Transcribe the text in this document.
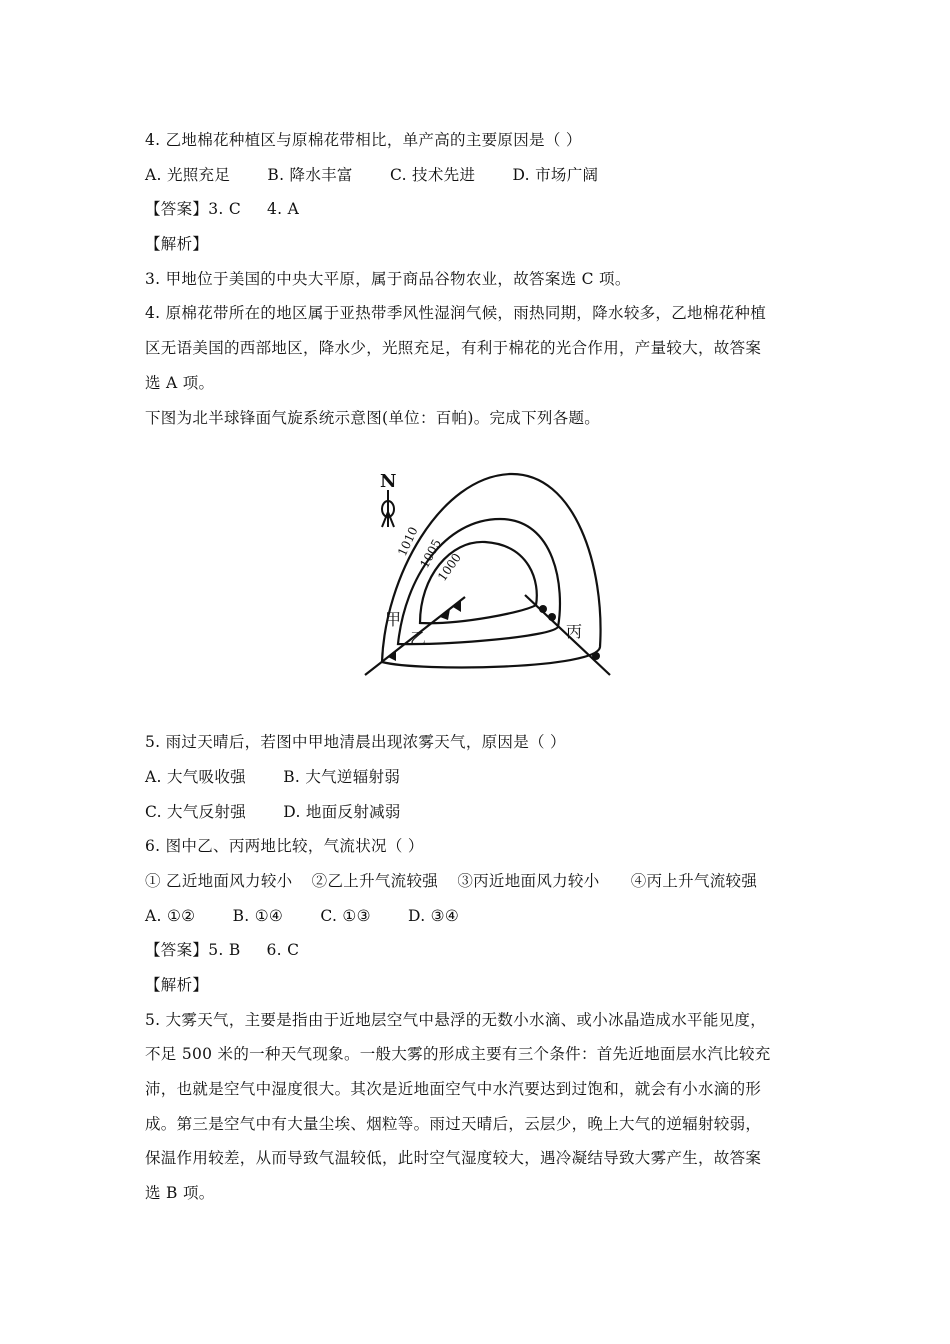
4. 乙地棉花种植区与原棉花带相比，单产高的主要原因是（ ）
A. 光照充足 B. 降水丰富 C. 技术先进 D. 市场广阔
【答案】3. C 4. A
【解析】
3. 甲地位于美国的中央大平原，属于商品谷物农业，故答案选 C 项。
4. 原棉花带所在的地区属于亚热带季风性湿润气候，雨热同期，降水较多，乙地棉花种植
区无语美国的西部地区，降水少，光照充足，有利于棉花的光合作用，产量较大，故答案
选 A 项。
下图为北半球锋面气旋系统示意图(单位：百帕)。完成下列各题。
N
1010
1005
1000
甲
乙	丙
5. 雨过天晴后，若图中甲地清晨出现浓雾天气，原因是（ ）
A. 大气吸收强 B. 大气逆辐射弱
C. 大气反射强 D. 地面反射减弱
6. 图中乙、丙两地比较，气流状况（ ）
① 乙近地面风力较小 ②乙上升气流较强 ③丙近地面风力较小 ④丙上升气流较强
A. ①② B. ①④ C. ①③ D. ③④
【答案】5. B 6. C
【解析】
5. 大雾天气，主要是指由于近地层空气中悬浮的无数小水滴、或小冰晶造成水平能见度，
不足 500 米的一种天气现象。一般大雾的形成主要有三个条件：首先近地面层水汽比较充
沛，也就是空气中湿度很大。其次是近地面空气中水汽要达到过饱和，就会有小水滴的形
成。第三是空气中有大量尘埃、烟粒等。雨过天晴后，云层少，晚上大气的逆辐射较弱，
保温作用较差，从而导致气温较低，此时空气湿度较大，遇冷凝结导致大雾产生，故答案
选 B 项。
